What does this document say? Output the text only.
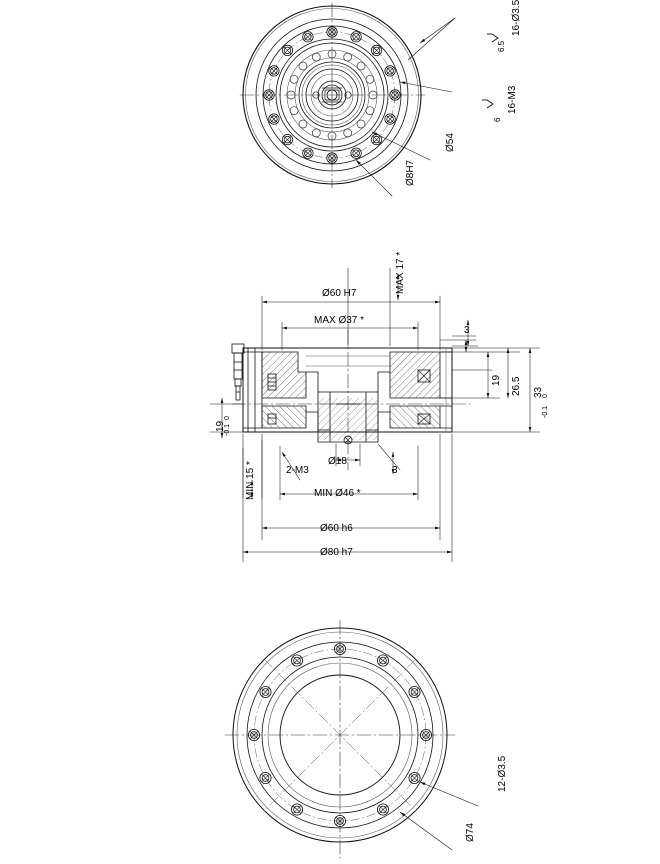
16-Ø3.5
6.5
16-M3
6
Ø54
Ø8H7
MAX 17 *
Ø60 H7
MAX Ø37 *
3
19 26.5 33
0
-0.1
19
0
-0.1
MIN 15 *	2-M3
Ø18
3
MIN Ø46 *
Ø60 h6
Ø80 h7
12-Ø3.5
Ø74
